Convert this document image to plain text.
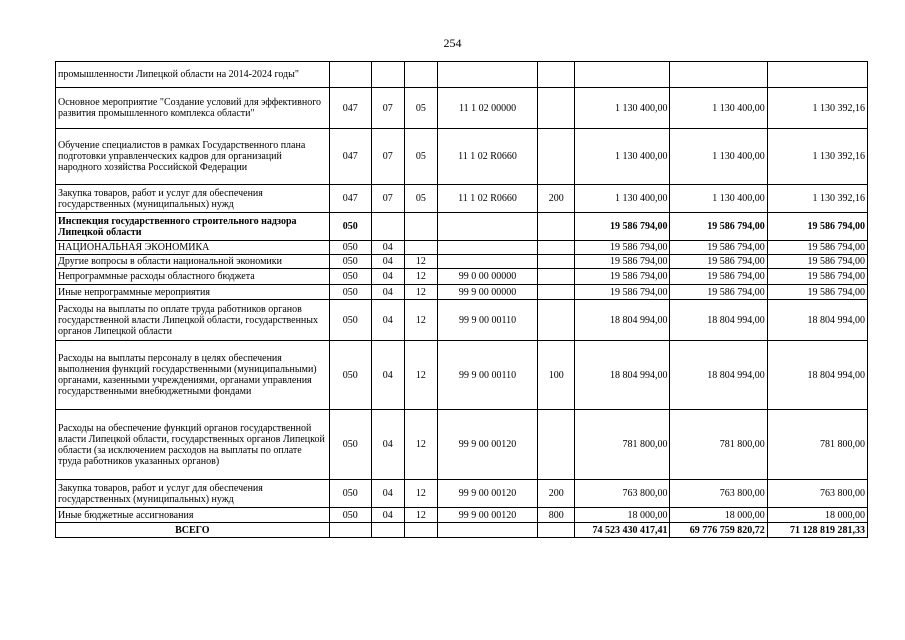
254
промышленности Липецкой области на 2014-2024 годы"								
Основное мероприятие "Создание условий для эффективного развития промышленного комплекса области"	047	07	05	11 1 02 00000		1 130 400,00	1 130 400,00	1 130 392,16
Обучение специалистов в рамках Государственного плана подготовки управленческих кадров для организаций народного хозяйства Российской Федерации	047	07	05	11 1 02 R0660		1 130 400,00	1 130 400,00	1 130 392,16
Закупка товаров, работ и услуг для обеспечения государственных (муниципальных) нужд	047	07	05	11 1 02 R0660	200	1 130 400,00	1 130 400,00	1 130 392,16
Инспекция государственного строительного надзора Липецкой области	050					19 586 794,00	19 586 794,00	19 586 794,00
НАЦИОНАЛЬНАЯ ЭКОНОМИКА	050	04				19 586 794,00	19 586 794,00	19 586 794,00
Другие вопросы в области национальной экономики	050	04	12			19 586 794,00	19 586 794,00	19 586 794,00
Непрограммные расходы областного бюджета	050	04	12	99 0 00 00000		19 586 794,00	19 586 794,00	19 586 794,00
Иные непрограммные мероприятия	050	04	12	99 9 00 00000		19 586 794,00	19 586 794,00	19 586 794,00
Расходы на выплаты по оплате труда работников органов государственной власти Липецкой области, государственных органов Липецкой области	050	04	12	99 9 00 00110		18 804 994,00	18 804 994,00	18 804 994,00
Расходы на выплаты персоналу в целях обеспечения выполнения функций государственными (муниципальными) органами, казенными учреждениями, органами управления государственными внебюджетными фондами	050	04	12	99 9 00 00110	100	18 804 994,00	18 804 994,00	18 804 994,00
Расходы на обеспечение функций органов государственной власти Липецкой области, государственных органов Липецкой области (за исключением расходов на выплаты по оплате труда работников указанных органов)	050	04	12	99 9 00 00120		781 800,00	781 800,00	781 800,00
Закупка товаров, работ и услуг для обеспечения государственных (муниципальных) нужд	050	04	12	99 9 00 00120	200	763 800,00	763 800,00	763 800,00
Иные бюджетные ассигнования	050	04	12	99 9 00 00120	800	18 000,00	18 000,00	18 000,00
ВСЕГО						74 523 430 417,41	69 776 759 820,72	71 128 819 281,33
